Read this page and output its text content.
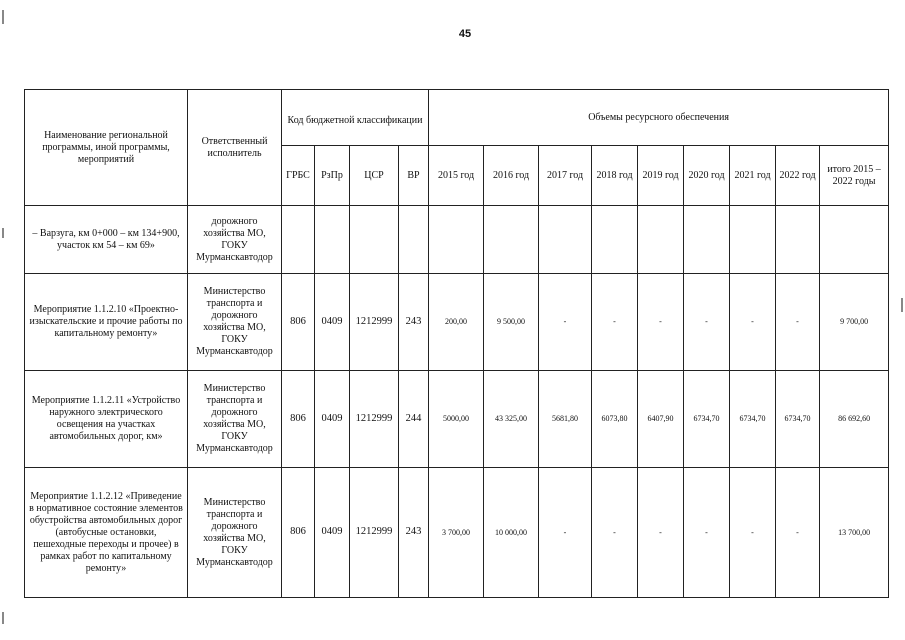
45
Наименование региональной программы, иной программы, мероприятий	Ответственный исполнитель	Код бюджетной классификации				Объемы ресурсного обеспечения								
		ГРБС	РзПр	ЦСР	ВР	2015 год	2016 год	2017 год	2018 год	2019 год	2020 год	2021 год	2022 год	итого 2015 – 2022 годы
– Варзуга, км 0+000 – км 134+900, участок км 54 – км 69»	дорожного хозяйства МО, ГОКУ Мурманскавтодор													
Мероприятие 1.1.2.10 «Проектно-изыскательские и прочие работы по капитальному ремонту»	Министерство транспорта и дорожного хозяйства МО, ГОКУ Мурманскавтодор	806	0409	1212999	243	200,00	9 500,00	-	-	-	-	-	-	9 700,00
Мероприятие 1.1.2.11 «Устройство наружного электрического освещения на участках автомобильных дорог, км»	Министерство транспорта и дорожного хозяйства МО, ГОКУ Мурманскавтодор	806	0409	1212999	244	5000,00	43 325,00	5681,80	6073,80	6407,90	6734,70	6734,70	6734,70	86 692,60
Мероприятие 1.1.2.12 «Приведение в нормативное состояние элементов обустройства автомобильных дорог (автобусные остановки, пешеходные переходы и прочее) в рамках работ по капитальному ремонту»	Министерство транспорта и дорожного хозяйства МО, ГОКУ Мурманскавтодор	806	0409	1212999	243	3 700,00	10 000,00	-	-	-	-	-	-	13 700,00
